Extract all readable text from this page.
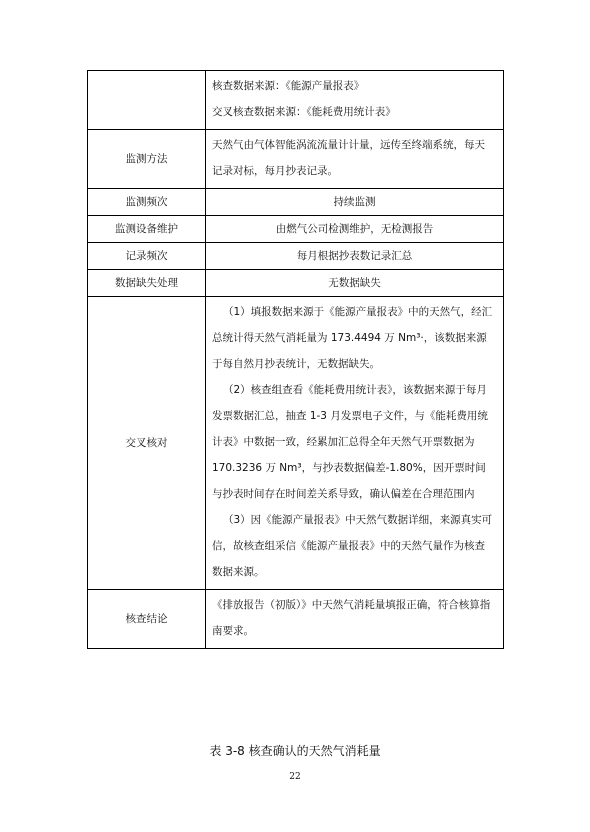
	核查数据来源：《能源产量报表》

交叉核查数据来源：《能耗费用统计表》

监测方法	天然气由气体智能涡流流量计计量，远传至终端系统，每天记录对标，每月抄表记录。
监测频次	持续监测
监测设备维护	由燃气公司检测维护，无检测报告
记录频次	每月根据抄表数记录汇总
数据缺失处理	无数据缺失
交叉核对	（1）填报数据来源于《能源产量报表》中的天然气，经汇总统计得天然气消耗量为 173.4494 万 Nm³·，该数据来源于每自然月抄表统计，无数据缺失。

（2）核查组查看《能耗费用统计表》，该数据来源于每月发票数据汇总，抽查 1-3 月发票电子文件，与《能耗费用统计表》中数据一致，经累加汇总得全年天然气开票数据为 170.3236 万 Nm³，与抄表数据偏差-1.80%，因开票时间与抄表时间存在时间差关系导致，确认偏差在合理范围内

（3）因《能源产量报表》中天然气数据详细，来源真实可信，故核查组采信《能源产量报表》中的天然气量作为核查数据来源。

核查结论	《排放报告（初版）》中天然气消耗量填报正确，符合核算指南要求。
表 3-8 核查确认的天然气消耗量
22
